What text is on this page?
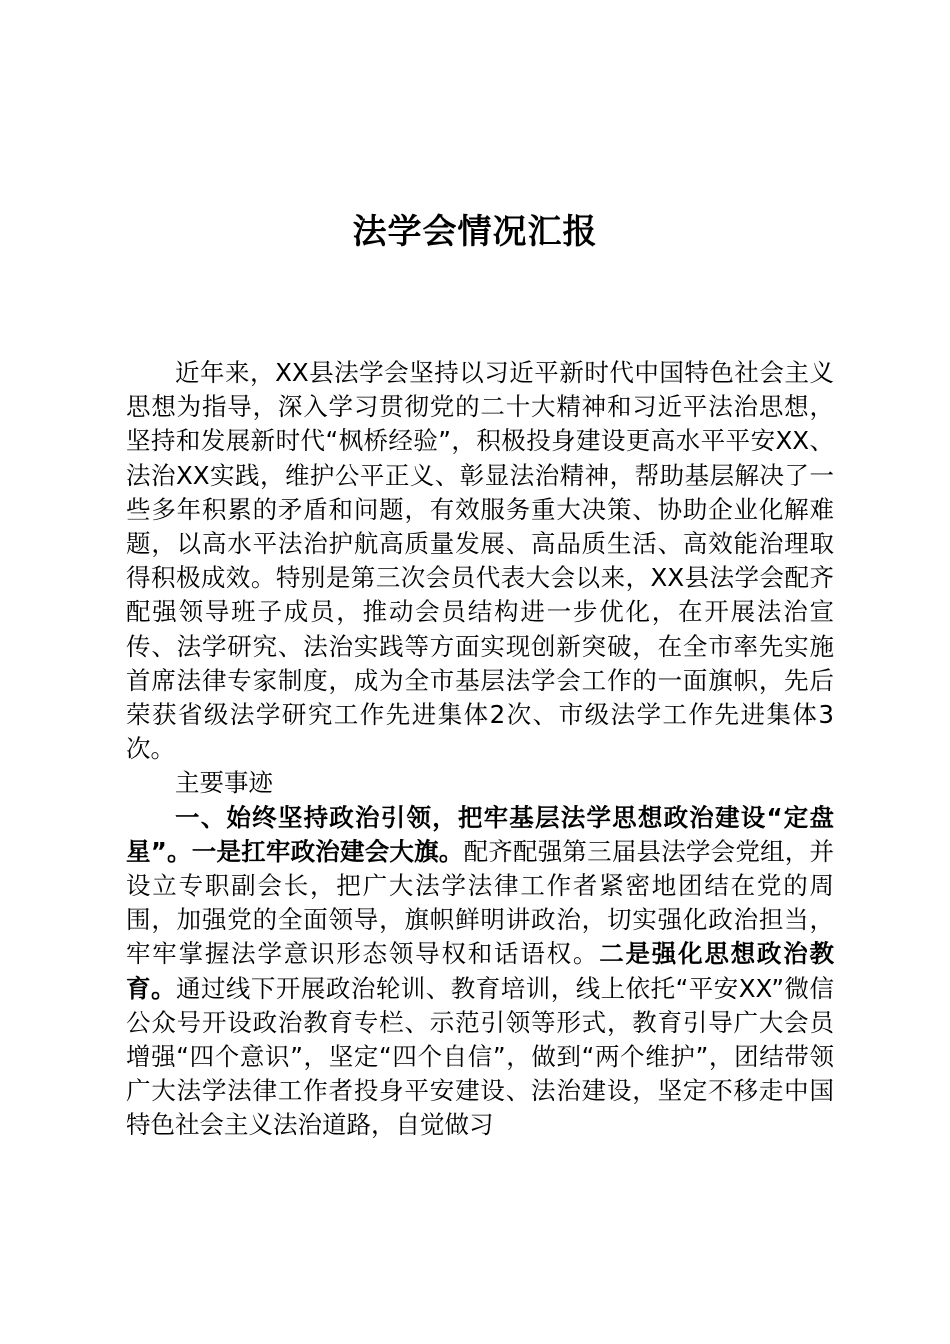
法学会情况汇报

近年来，XX县法学会坚持以习近平新时代中国特色社会主义思想为指导，深入学习贯彻党的二十大精神和习近平法治思想，坚持和发展新时代“枫桥经验”，积极投身建设更高水平平安XX、法治XX实践，维护公平正义、彰显法治精神，帮助基层解决了一些多年积累的矛盾和问题，有效服务重大决策、协助企业化解难题，以高水平法治护航高质量发展、高品质生活、高效能治理取得积极成效。特别是第三次会员代表大会以来，XX县法学会配齐配强领导班子成员，推动会员结构进一步优化，在开展法治宣传、法学研究、法治实践等方面实现创新突破，在全市率先实施首席法律专家制度，成为全市基层法学会工作的一面旗帜，先后荣获省级法学研究工作先进集体2次、市级法学工作先进集体3次。

主要事迹

一、始终坚持政治引领，把牢基层法学思想政治建设“定盘星”。一是扛牢政治建会大旗。配齐配强第三届县法学会党组，并设立专职副会长，把广大法学法律工作者紧密地团结在党的周围，加强党的全面领导，旗帜鲜明讲政治，切实强化政治担当，牢牢掌握法学意识形态领导权和话语权。二是强化思想政治教育。通过线下开展政治轮训、教育培训，线上依托“平安XX”微信公众号开设政治教育专栏、示范引领等形式，教育引导广大会员增强“四个意识”，坚定“四个自信”，做到“两个维护”，团结带领广大法学法律工作者投身平安建设、法治建设，坚定不移走中国特色社会主义法治道路，自觉做习
